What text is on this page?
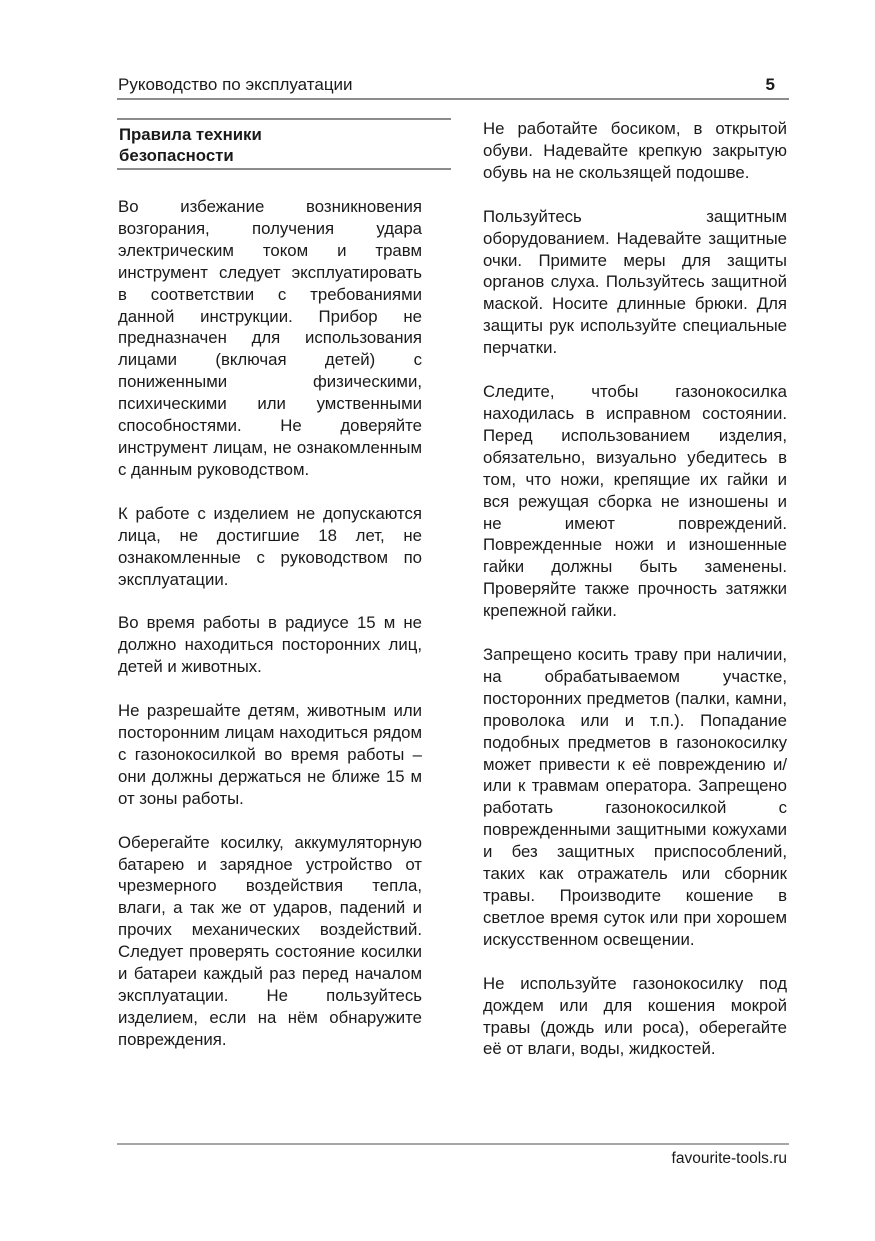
Руководство по эксплуатации	5
Правила техники безопасности

Во избежание возникновения возгорания, получения удара электрическим током и травм инструмент следует эксплуатировать в соответствии с требованиями данной инструкции. Прибор не предназначен для использования лицами (включая детей) с пониженными физическими, психическими или умственными способностями. Не доверяйте инструмент лицам, не ознакомленным с данным руководством.

К работе с изделием не допускаются лица, не достигшие 18 лет, не ознакомленные с руководством по эксплуатации.

Во время работы в радиусе 15 м не должно находиться посторонних лиц, детей и животных.

Не разрешайте детям, животным или посторонним лицам находиться рядом с газонокосилкой во время работы – они должны держаться не ближе 15 м от зоны работы.

Оберегайте косилку, аккумуляторную батарею и зарядное устройство от чрезмерного воздействия тепла, влаги, а так же от ударов, падений и прочих механических воздействий. Следует проверять состояние косилки и батареи каждый раз перед началом эксплуатации. Не пользуйтесь изделием, если на нём обнаружите повреждения.

Не работайте босиком, в открытой обуви. Надевайте крепкую закрытую обувь на не скользящей подошве.

Пользуйтесь защитным оборудованием. Надевайте защитные очки. Примите меры для защиты органов слуха. Пользуйтесь защитной маской. Носите длинные брюки. Для защиты рук используйте специальные перчатки.

Следите, чтобы газонокосилка находилась в исправном состоянии. Перед использованием изделия, обязательно, визуально убедитесь в том, что ножи, крепящие их гайки и вся режущая сборка не изношены и не имеют повреждений. Поврежденные ножи и изношенные гайки должны быть заменены. Проверяйте также прочность затяжки крепежной гайки.

Запрещено косить траву при наличии, на обрабатываемом участке, посторонних предметов (палки, камни, проволока или и т.п.). Попадание подобных предметов в газонокосилку может привести к её повреждению и/или к травмам оператора. Запрещено работать газонокосилкой с поврежденными защитными кожухами и без защитных приспособлений, таких как отражатель или сборник травы. Производите кошение в светлое время суток или при хорошем искусственном освещении.

Не используйте газонокосилку под дождем или для кошения мокрой травы (дождь или роса), оберегайте её от влаги, воды, жидкостей.

favourite-tools.ru
